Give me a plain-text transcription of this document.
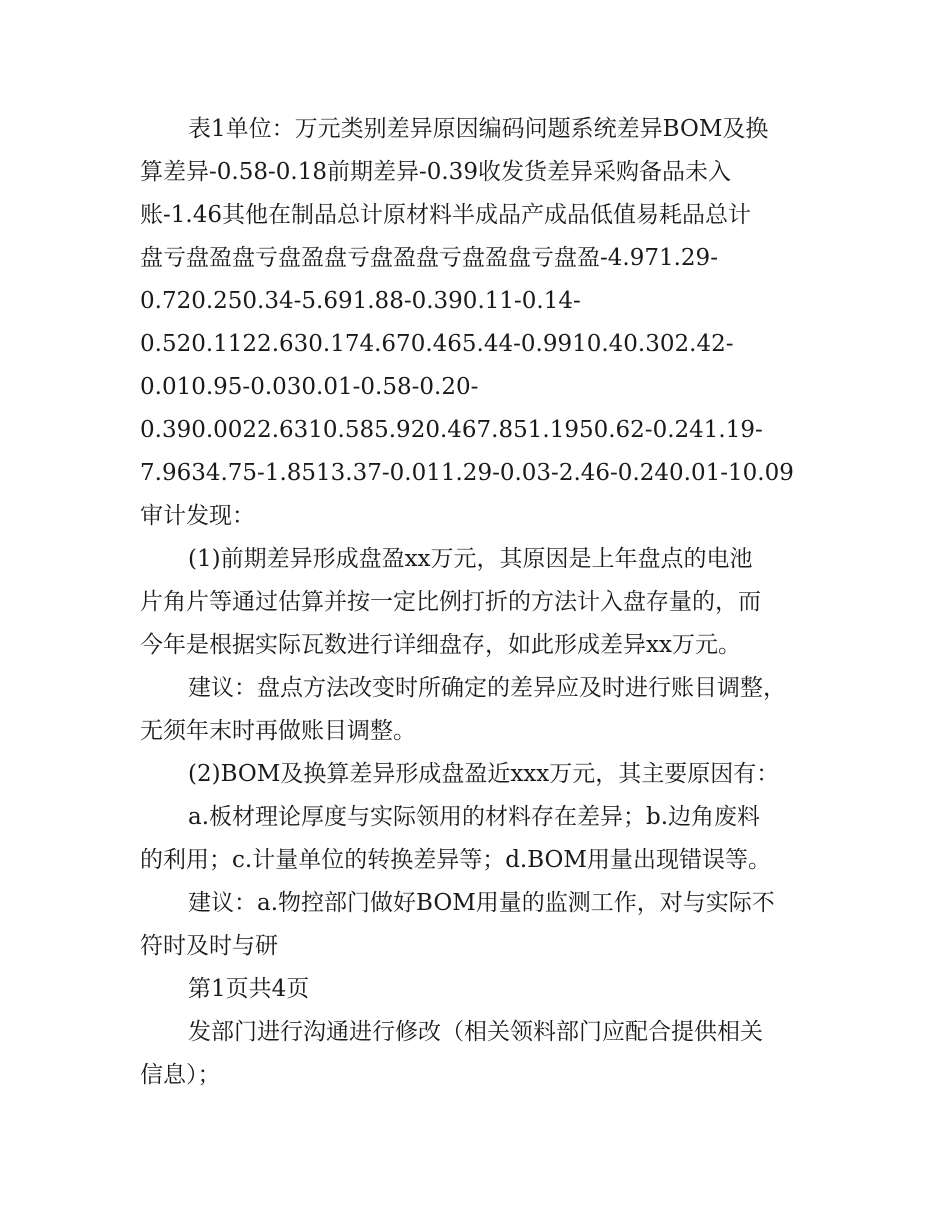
表1单位：万元类别差异原因编码问题系统差异BOM及换
算差异-0.58-0.18前期差异-0.39收发货差异采购备品未入
账-1.46其他在制品总计原材料半成品产成品低值易耗品总计
盘亏盘盈盘亏盘盈盘亏盘盈盘亏盘盈盘亏盘盈-4.971.29-
0.720.250.34-5.691.88-0.390.11-0.14-
0.520.1122.630.174.670.465.44-0.9910.40.302.42-
0.010.95-0.030.01-0.58-0.20-
0.390.0022.6310.585.920.467.851.1950.62-0.241.19-
7.9634.75-1.8513.37-0.011.29-0.03-2.46-0.240.01-10.09
审计发现：
(1)前期差异形成盘盈xx万元，其原因是上年盘点的电池
片角片等通过估算并按一定比例打折的方法计入盘存量的，而
今年是根据实际瓦数进行详细盘存，如此形成差异xx万元。
建议：盘点方法改变时所确定的差异应及时进行账目调整，
无须年末时再做账目调整。
(2)BOM及换算差异形成盘盈近xxx万元，其主要原因有：
a.板材理论厚度与实际领用的材料存在差异；b.边角废料
的利用；c.计量单位的转换差异等；d.BOM用量出现错误等。
建议：a.物控部门做好BOM用量的监测工作，对与实际不
符时及时与研
第1页共4页
发部门进行沟通进行修改（相关领料部门应配合提供相关
信息）；
